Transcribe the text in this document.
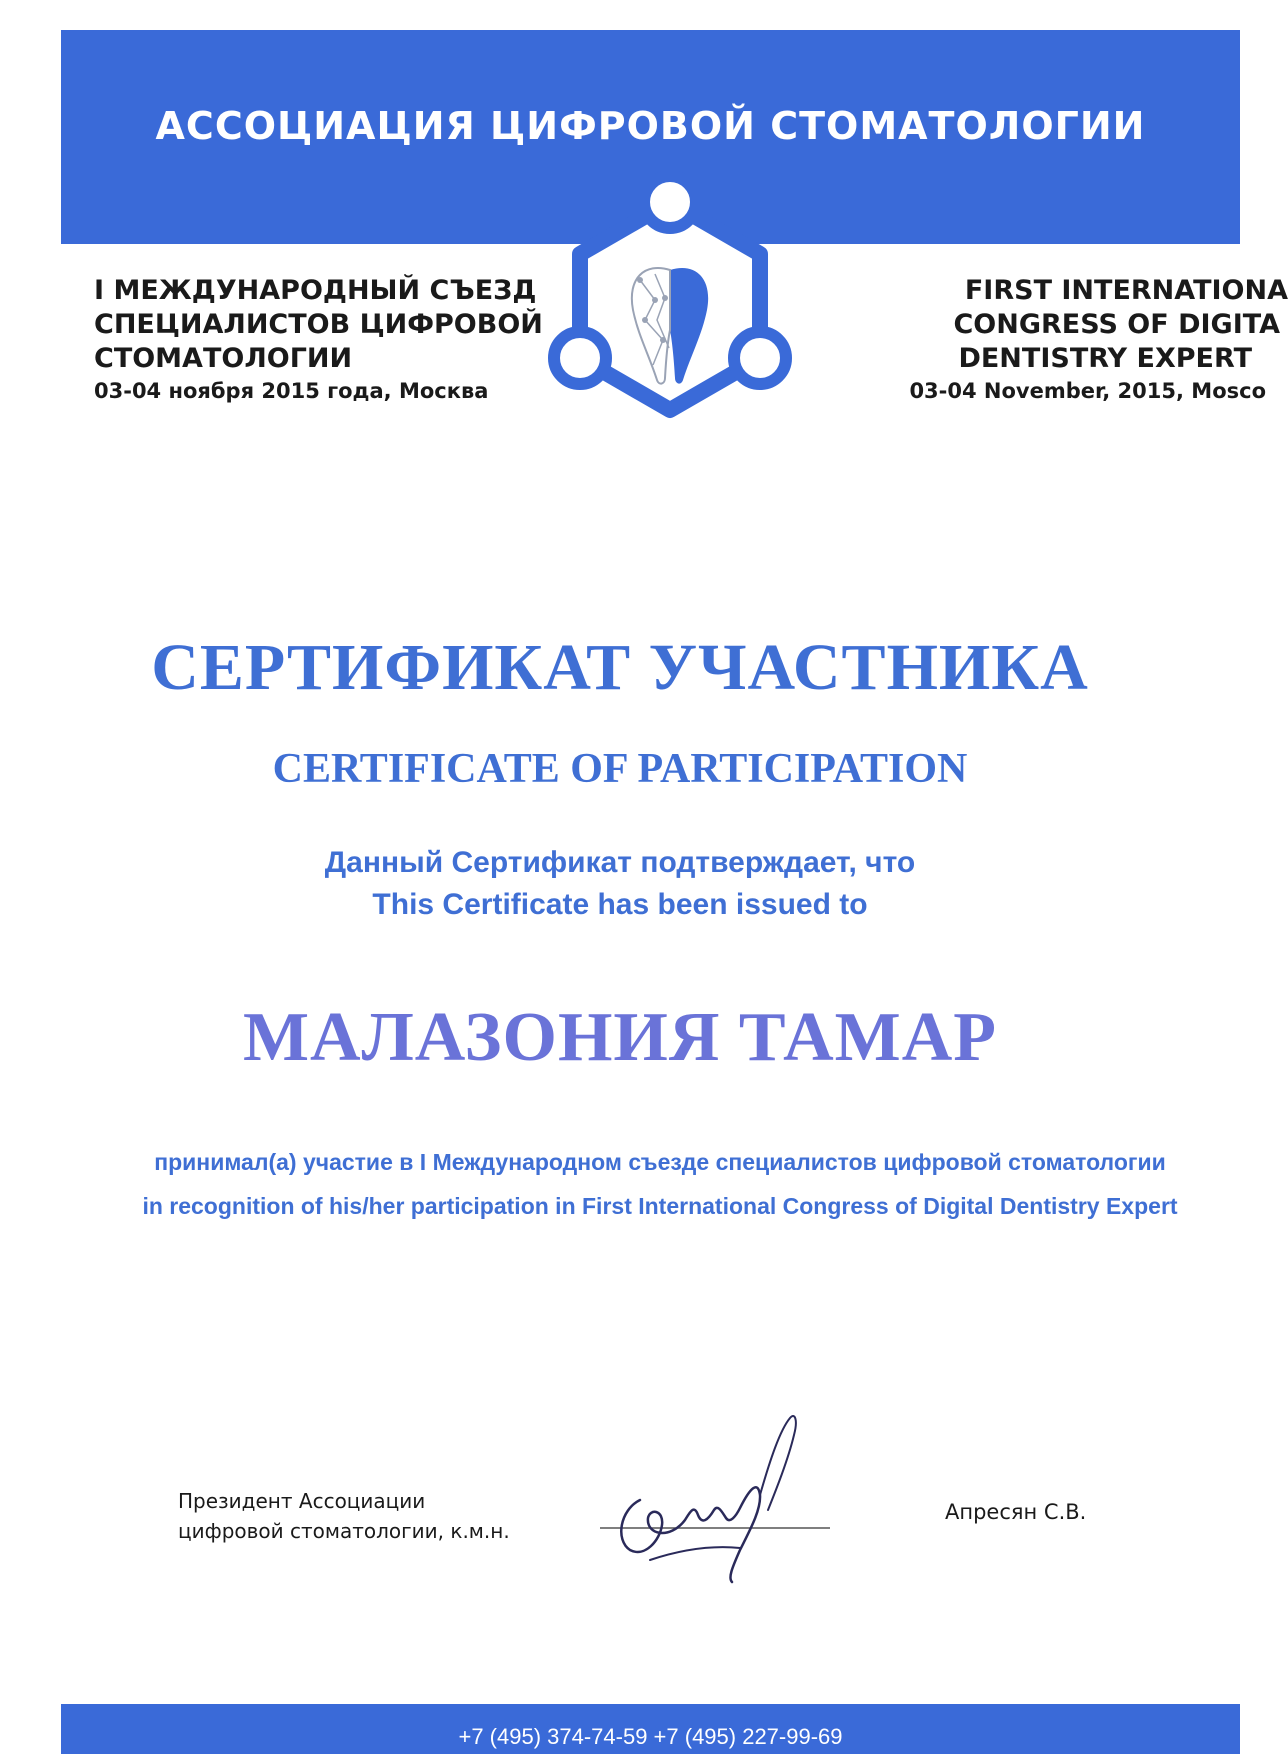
АССОЦИАЦИЯ ЦИФРОВОЙ СТОМАТОЛОГИИ
I МЕЖДУНАРОДНЫЙ СЪЕЗД
СПЕЦИАЛИСТОВ ЦИФРОВОЙ
СТОМАТОЛОГИИ
03-04 ноября 2015 года, Москва
FIRST INTERNATIONA
CONGRESS OF DIGITA
DENTISTRY EXPERT
03-04 November, 2015, Mosco
СЕРТИФИКАТ УЧАСТНИКА
CERTIFICATE OF PARTICIPATION
Данный Сертификат подтверждает, что
This Certificate has been issued to
МАЛАЗОНИЯ ТАМАР
принимал(а) участие в I Международном съезде специалистов цифровой стоматологии
in recognition of his/her participation in First International Congress of Digital Dentistry Expert
Президент Ассоциации
цифровой стоматологии, к.м.н.
Апресян С.В.
+7 (495) 374-74-59 +7 (495) 227-99-69
